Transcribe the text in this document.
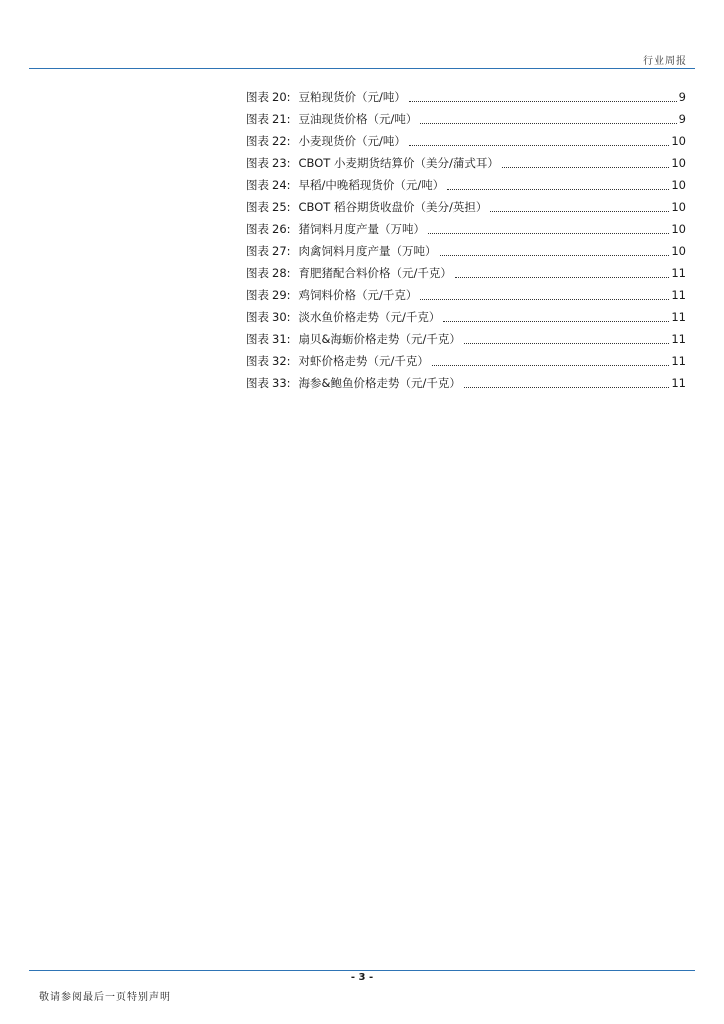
行业周报
图表 20: 豆粕现货价（元/吨）	9
图表 21: 豆油现货价格（元/吨）	9
图表 22: 小麦现货价（元/吨）	10
图表 23: CBOT 小麦期货结算价（美分/蒲式耳）	10
图表 24: 早稻/中晚稻现货价（元/吨）	10
图表 25: CBOT 稻谷期货收盘价（美分/英担）	10
图表 26: 猪饲料月度产量（万吨）	10
图表 27: 肉禽饲料月度产量（万吨）	10
图表 28: 育肥猪配合料价格（元/千克）	11
图表 29: 鸡饲料价格（元/千克）	11
图表 30: 淡水鱼价格走势（元/千克）	11
图表 31: 扇贝&海蛎价格走势（元/千克）	11
图表 32: 对虾价格走势（元/千克）	11
图表 33: 海参&鲍鱼价格走势（元/千克）	11
- 3 -
敬请参阅最后一页特别声明
